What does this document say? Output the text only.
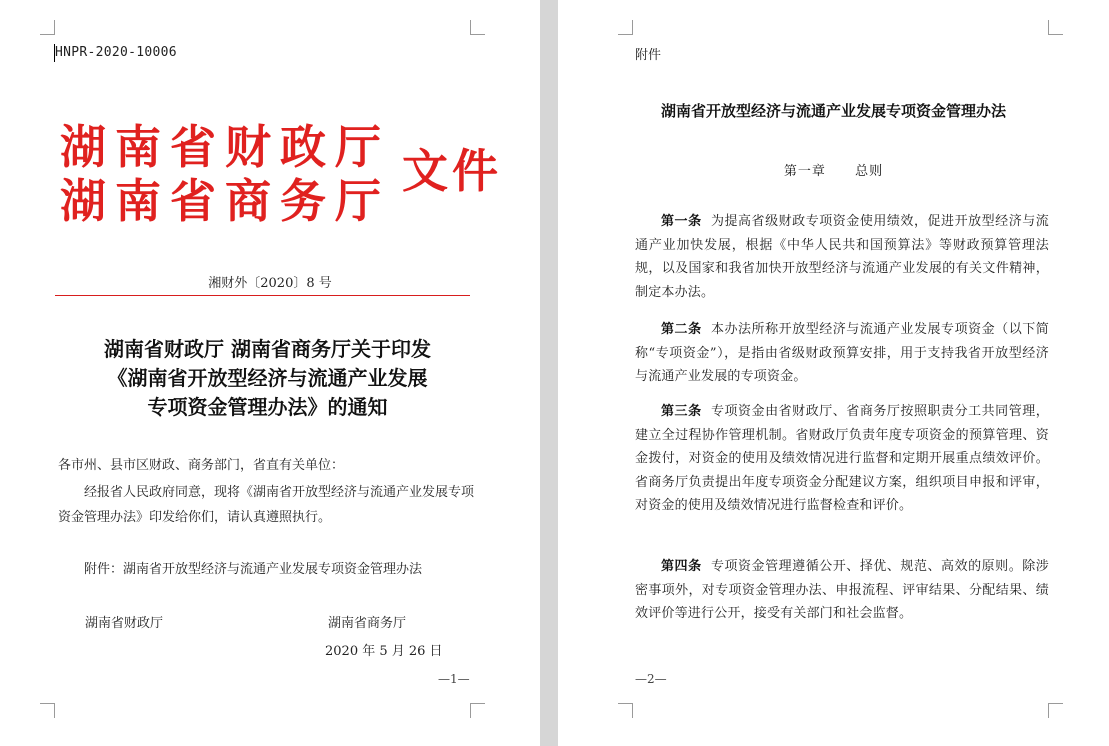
HNPR-2020-10006
湖南省财政厅
湖南省商务厅
文件
湘财外〔2020〕8 号
湖南省财政厅 湖南省商务厅关于印发
《湖南省开放型经济与流通产业发展
专项资金管理办法》的通知
各市州、县市区财政、商务部门，省直有关单位：
经报省人民政府同意，现将《湖南省开放型经济与流通产业发展专项资金管理办法》印发给你们，请认真遵照执行。
附件：湖南省开放型经济与流通产业发展专项资金管理办法
湖南省财政厅	湖南省商务厅
2020 年 5 月 26 日
—1—
附件
湖南省开放型经济与流通产业发展专项资金管理办法
第一章 总则
第一条 为提高省级财政专项资金使用绩效，促进开放型经济与流通产业加快发展，根据《中华人民共和国预算法》等财政预算管理法规，以及国家和我省加快开放型经济与流通产业发展的有关文件精神，制定本办法。
第二条 本办法所称开放型经济与流通产业发展专项资金（以下简称“专项资金”），是指由省级财政预算安排，用于支持我省开放型经济与流通产业发展的专项资金。
第三条 专项资金由省财政厅、省商务厅按照职责分工共同管理，建立全过程协作管理机制。省财政厅负责年度专项资金的预算管理、资金拨付，对资金的使用及绩效情况进行监督和定期开展重点绩效评价。省商务厅负责提出年度专项资金分配建议方案，组织项目申报和评审，对资金的使用及绩效情况进行监督检查和评价。
第四条 专项资金管理遵循公开、择优、规范、高效的原则。除涉密事项外，对专项资金管理办法、申报流程、评审结果、分配结果、绩效评价等进行公开，接受有关部门和社会监督。
—2—
